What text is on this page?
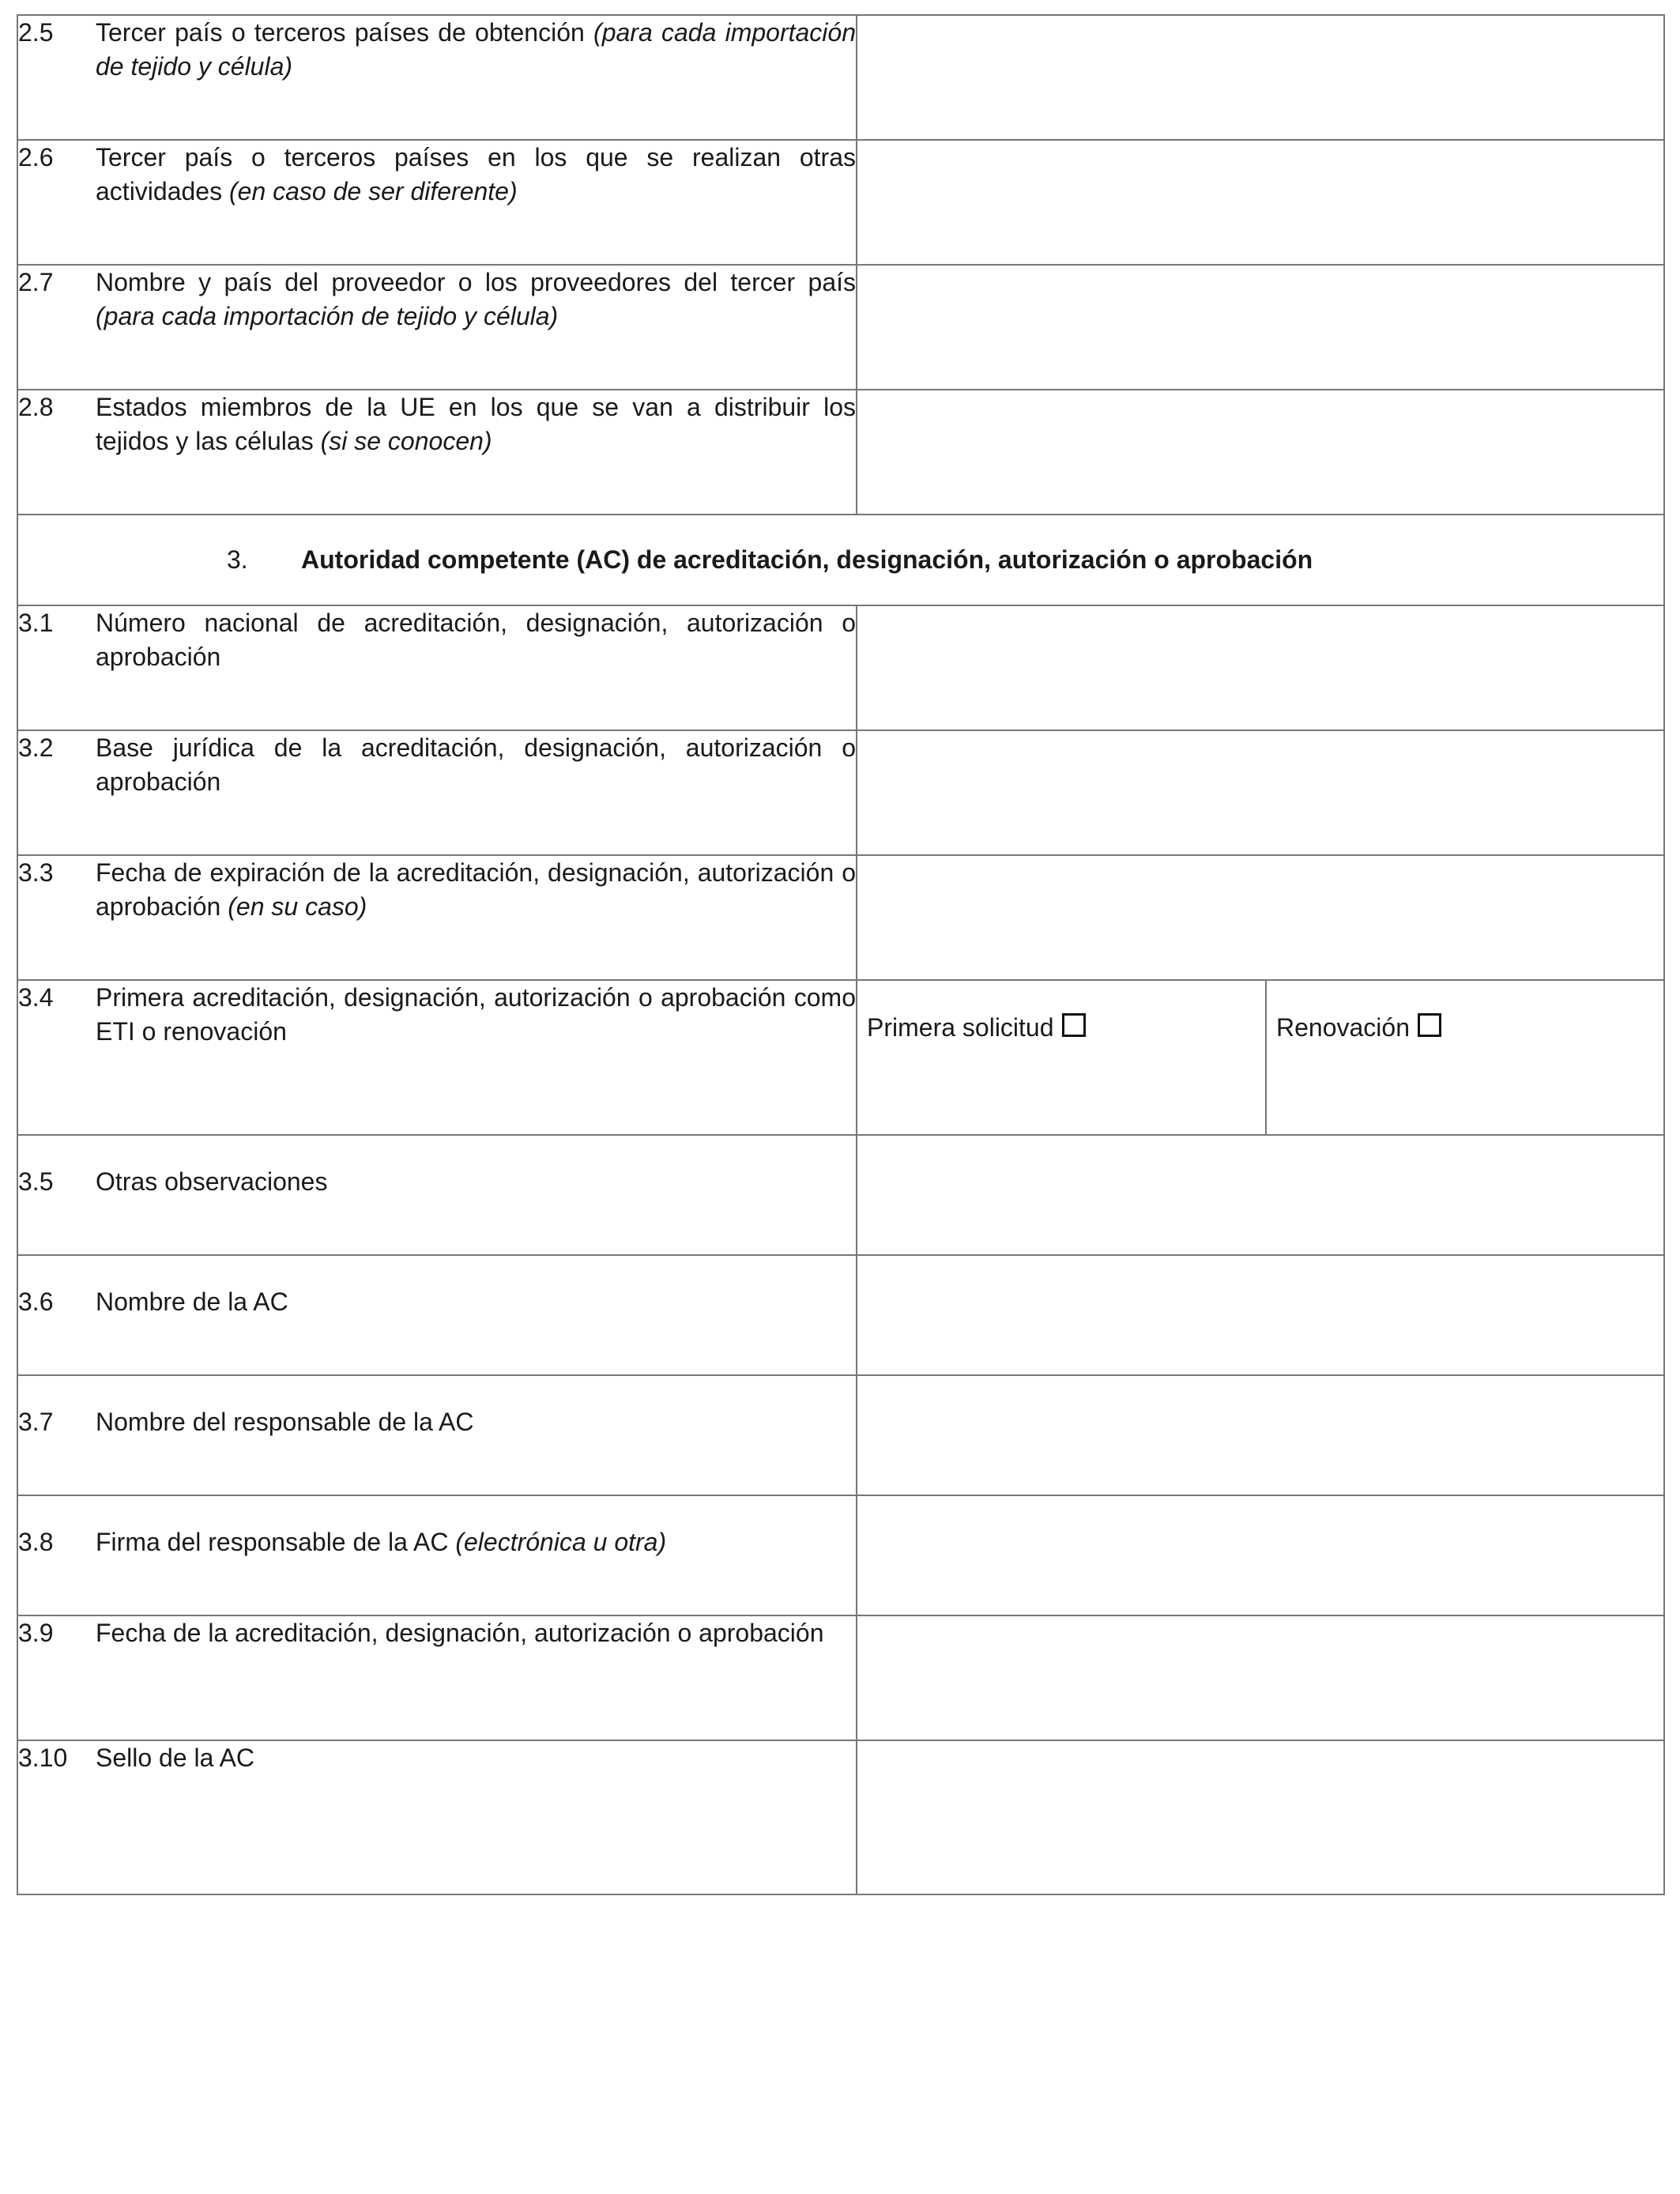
2.5 Tercer país o terceros países de obtención (para cada importación de tejido y célula)		

2.6 Tercer país o terceros países en los que se realizan otras actividades (en caso de ser diferente)		

2.7 Nombre y país del proveedor o los proveedores del tercer país (para cada importación de tejido y célula)		

2.8 Estados miembros de la UE en los que se van a distribuir los tejidos y las células (si se conocen)		

3. Autoridad competente (AC) de acreditación, designación, autorización o aprobación		

3.1 Número nacional de acreditación, designación, autorización o aprobación		

3.2 Base jurídica de la acreditación, designación, autorización o aprobación		

3.3 Fecha de expiración de la acreditación, designación, autorización o aprobación (en su caso)		

3.4 Primera acreditación, designación, autorización o aprobación como ETI o renovación	Primera solicitud	Renovación

3.5 Otras observaciones		

3.6 Nombre de la AC		

3.7 Nombre del responsable de la AC		

3.8 Firma del responsable de la AC (electrónica u otra)		

3.9 Fecha de la acreditación, designación, autorización o aprobación		

3.10 Sello de la AC		
